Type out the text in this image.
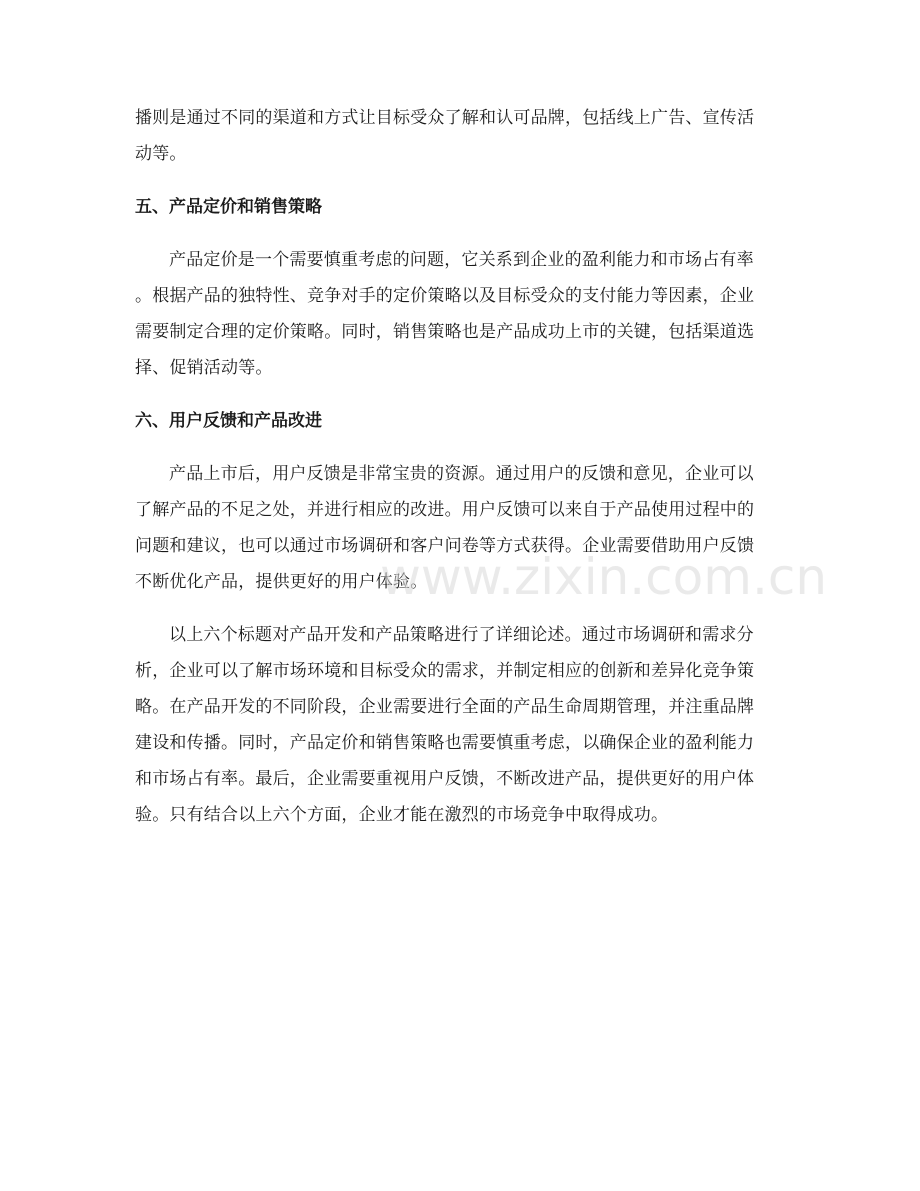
播则是通过不同的渠道和方式让目标受众了解和认可品牌，包括线上广告、宣传活

动等。

五、产品定价和销售策略

产品定价是一个需要慎重考虑的问题，它关系到企业的盈利能力和市场占有率

。根据产品的独特性、竞争对手的定价策略以及目标受众的支付能力等因素，企业

需要制定合理的定价策略。同时，销售策略也是产品成功上市的关键，包括渠道选

择、促销活动等。

六、用户反馈和产品改进

产品上市后，用户反馈是非常宝贵的资源。通过用户的反馈和意见，企业可以

了解产品的不足之处，并进行相应的改进。用户反馈可以来自于产品使用过程中的

问题和建议，也可以通过市场调研和客户问卷等方式获得。企业需要借助用户反馈

不断优化产品，提供更好的用户体验。

以上六个标题对产品开发和产品策略进行了详细论述。通过市场调研和需求分

析，企业可以了解市场环境和目标受众的需求，并制定相应的创新和差异化竞争策

略。在产品开发的不同阶段，企业需要进行全面的产品生命周期管理，并注重品牌

建设和传播。同时，产品定价和销售策略也需要慎重考虑，以确保企业的盈利能力

和市场占有率。最后，企业需要重视用户反馈，不断改进产品，提供更好的用户体

验。只有结合以上六个方面，企业才能在激烈的市场竞争中取得成功。

www.zixin.com.cn
